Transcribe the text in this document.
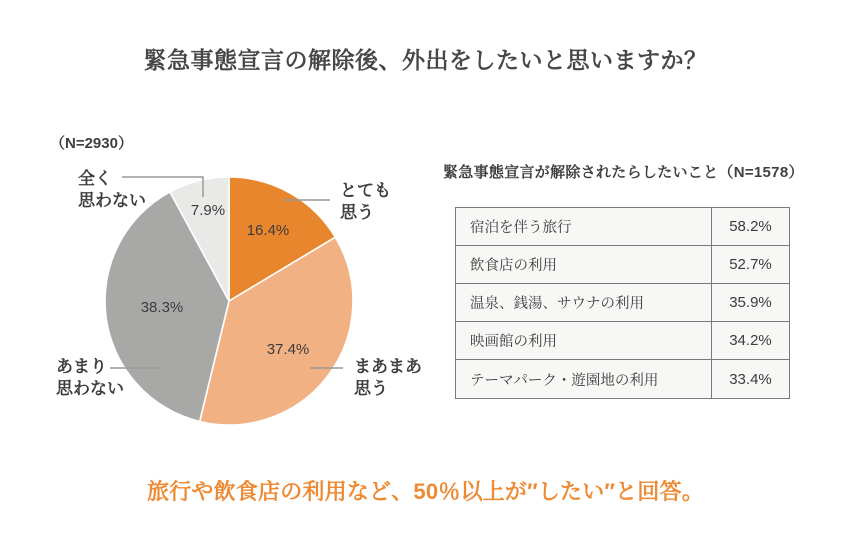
緊急事態宣言の解除後、外出をしたいと思いますか？
（N=2930）
とても
思う
まあまあ
思う
あまり
思わない
全く
思わない
16.4%
37.4%
38.3%
7.9%
緊急事態宣言が解除されたらしたいこと（N=1578）
宿泊を伴う旅行	58.2%
飲食店の利用	52.7%
温泉、銭湯、サウナの利用	35.9%
映画館の利用	34.2%
テーマパーク・遊園地の利用	33.4%
旅行や飲食店の利用など、50％以上が″したい″と回答。
